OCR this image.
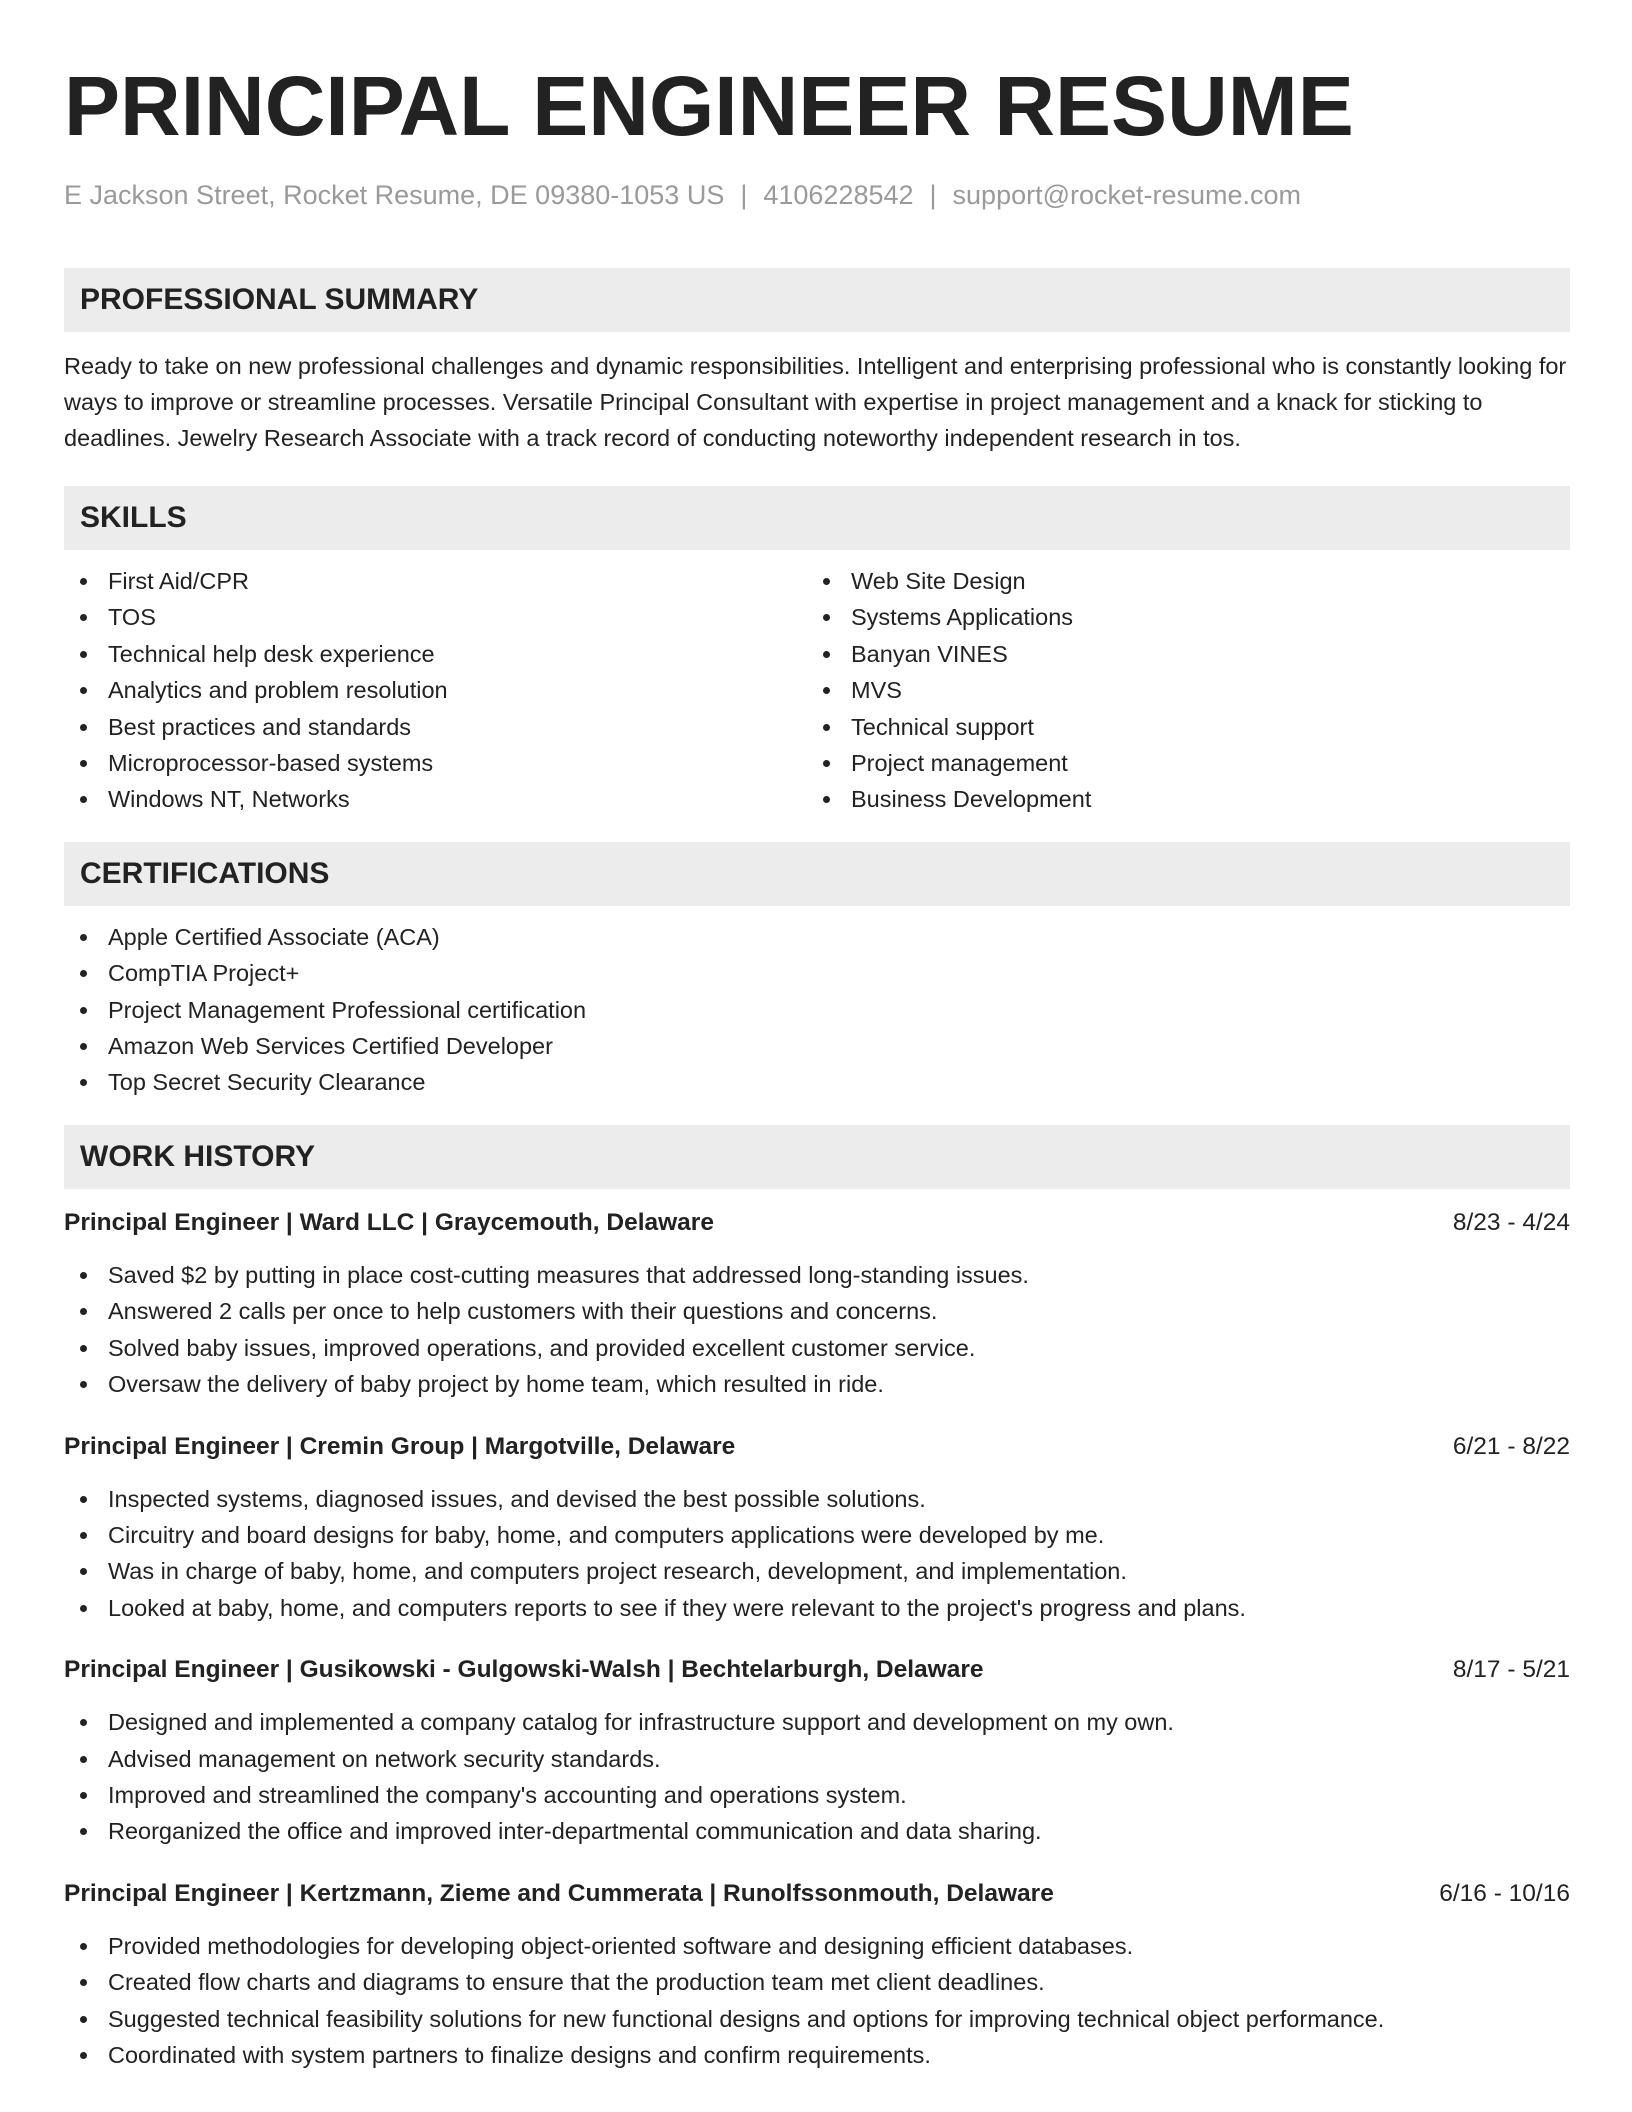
PRINCIPAL ENGINEER RESUME
E Jackson Street, Rocket Resume, DE 09380-1053 US | 4106228542 | support@rocket-resume.com
PROFESSIONAL SUMMARY

Ready to take on new professional challenges and dynamic responsibilities. Intelligent and enterprising professional who is constantly looking for ways to improve or streamline processes. Versatile Principal Consultant with expertise in project management and a knack for sticking to deadlines. Jewelry Research Associate with a track record of conducting noteworthy independent research in tos.

SKILLS
First Aid/CPR
TOS
Technical help desk experience
Analytics and problem resolution
Best practices and standards
Microprocessor-based systems
Windows NT, Networks
Web Site Design
Systems Applications
Banyan VINES
MVS
Technical support
Project management
Business Development
CERTIFICATIONS
Apple Certified Associate (ACA)
CompTIA Project+
Project Management Professional certification
Amazon Web Services Certified Developer
Top Secret Security Clearance
WORK HISTORY
Principal Engineer | Ward LLC | Graycemouth, Delaware	8/23 - 4/24
Saved $2 by putting in place cost-cutting measures that addressed long-standing issues.
Answered 2 calls per once to help customers with their questions and concerns.
Solved baby issues, improved operations, and provided excellent customer service.
Oversaw the delivery of baby project by home team, which resulted in ride.
Principal Engineer | Cremin Group | Margotville, Delaware	6/21 - 8/22
Inspected systems, diagnosed issues, and devised the best possible solutions.
Circuitry and board designs for baby, home, and computers applications were developed by me.
Was in charge of baby, home, and computers project research, development, and implementation.
Looked at baby, home, and computers reports to see if they were relevant to the project's progress and plans.
Principal Engineer | Gusikowski - Gulgowski-Walsh | Bechtelarburgh, Delaware	8/17 - 5/21
Designed and implemented a company catalog for infrastructure support and development on my own.
Advised management on network security standards.
Improved and streamlined the company's accounting and operations system.
Reorganized the office and improved inter-departmental communication and data sharing.
Principal Engineer | Kertzmann, Zieme and Cummerata | Runolfssonmouth, Delaware	6/16 - 10/16
Provided methodologies for developing object-oriented software and designing efficient databases.
Created flow charts and diagrams to ensure that the production team met client deadlines.
Suggested technical feasibility solutions for new functional designs and options for improving technical object performance.
Coordinated with system partners to finalize designs and confirm requirements.
